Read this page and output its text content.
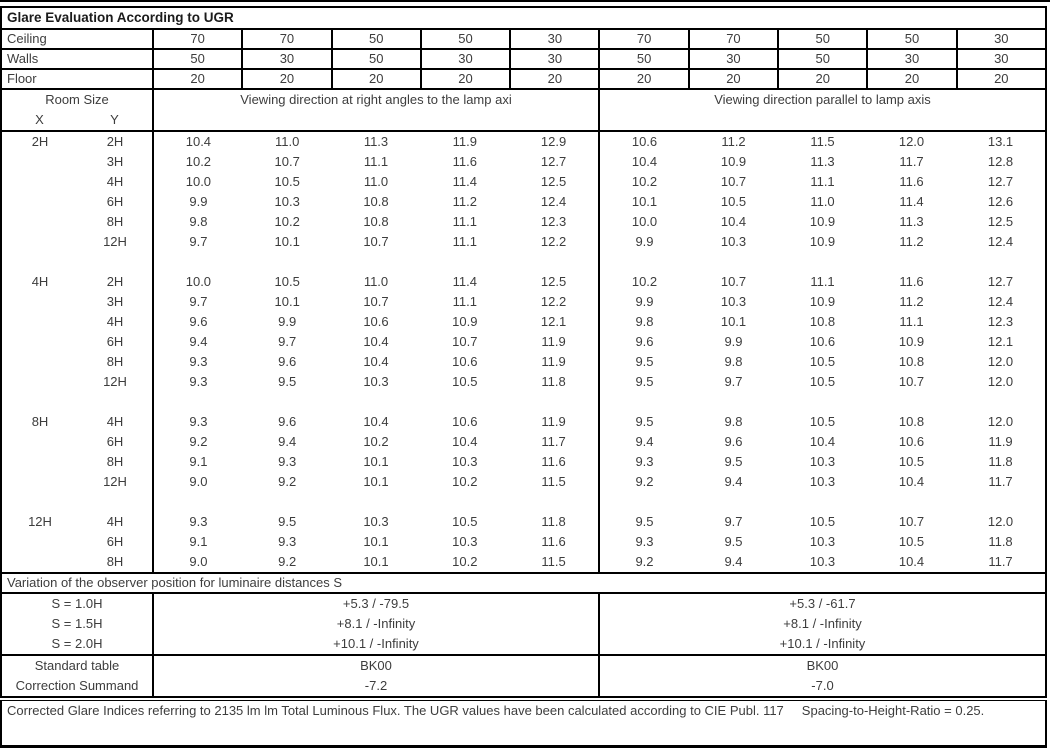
Glare Evaluation According to UGR
Ceiling	70	70	50	50	30	70	70	50	50	30
Walls	50	30	50	30	30	50	30	50	30	30
Floor	20	20	20	20	20	20	20	20	20	20
Room Size
X	Y
Viewing direction at right angles to the lamp axi	Viewing direction parallel to lamp axis
2H	2H	10.4	11.0	11.3	11.9	12.9	10.6	11.2	11.5	12.0	13.1
3H	10.2	10.7	11.1	11.6	12.7	10.4	10.9	11.3	11.7	12.8
4H	10.0	10.5	11.0	11.4	12.5	10.2	10.7	11.1	11.6	12.7
6H	9.9	10.3	10.8	11.2	12.4	10.1	10.5	11.0	11.4	12.6
8H	9.8	10.2	10.8	11.1	12.3	10.0	10.4	10.9	11.3	12.5
12H	9.7	10.1	10.7	11.1	12.2	9.9	10.3	10.9	11.2	12.4
4H	2H	10.0	10.5	11.0	11.4	12.5	10.2	10.7	11.1	11.6	12.7
3H	9.7	10.1	10.7	11.1	12.2	9.9	10.3	10.9	11.2	12.4
4H	9.6	9.9	10.6	10.9	12.1	9.8	10.1	10.8	11.1	12.3
6H	9.4	9.7	10.4	10.7	11.9	9.6	9.9	10.6	10.9	12.1
8H	9.3	9.6	10.4	10.6	11.9	9.5	9.8	10.5	10.8	12.0
12H	9.3	9.5	10.3	10.5	11.8	9.5	9.7	10.5	10.7	12.0
8H	4H	9.3	9.6	10.4	10.6	11.9	9.5	9.8	10.5	10.8	12.0
6H	9.2	9.4	10.2	10.4	11.7	9.4	9.6	10.4	10.6	11.9
8H	9.1	9.3	10.1	10.3	11.6	9.3	9.5	10.3	10.5	11.8
12H	9.0	9.2	10.1	10.2	11.5	9.2	9.4	10.3	10.4	11.7
12H	4H	9.3	9.5	10.3	10.5	11.8	9.5	9.7	10.5	10.7	12.0
6H	9.1	9.3	10.1	10.3	11.6	9.3	9.5	10.3	10.5	11.8
8H	9.0	9.2	10.1	10.2	11.5	9.2	9.4	10.3	10.4	11.7
Variation of the observer position for luminaire distances S
S = 1.0H	+5.3 / -79.5	+5.3 / -61.7
S = 1.5H	+8.1 / -Infinity	+8.1 / -Infinity
S = 2.0H	+10.1 / -Infinity	+10.1 / -Infinity
Standard table	BK00	BK00
Correction Summand	-7.2	-7.0
Corrected Glare Indices referring to 2135 lm lm Total Luminous Flux. The UGR values have been calculated according to CIE Publ. 117 Spacing-to-Height-Ratio = 0.25.
